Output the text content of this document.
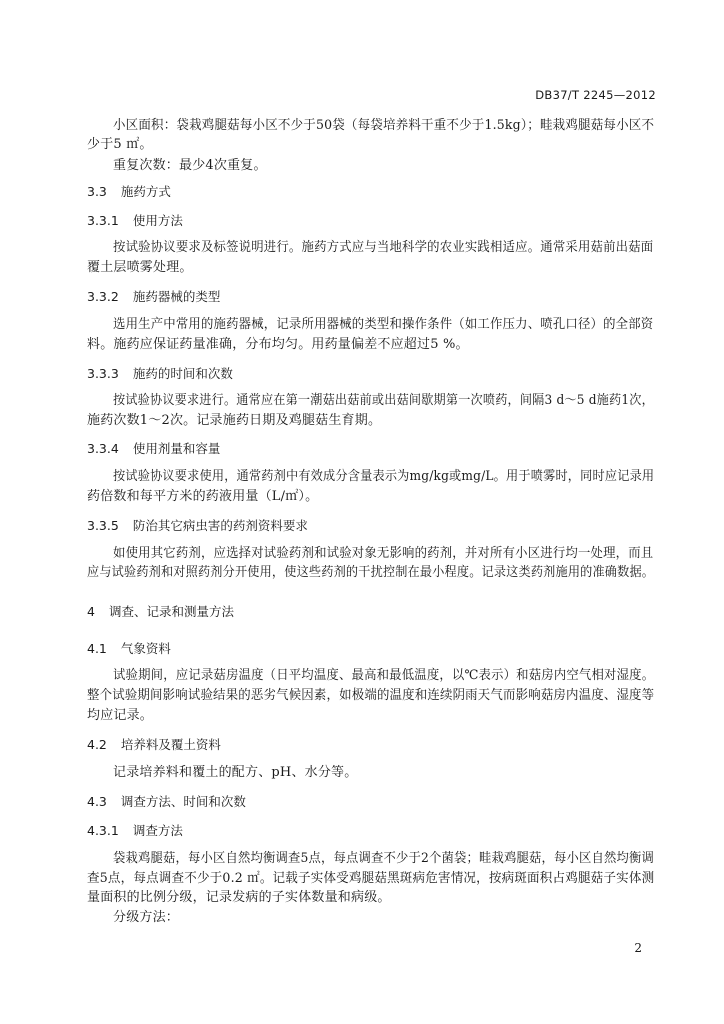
DB37/T 2245—2012
小区面积：袋栽鸡腿菇每小区不少于50袋（每袋培养料干重不少于1.5kg）；畦栽鸡腿菇每小区不
少于5 ㎡。
重复次数：最少4次重复。
3.3 施药方式
3.3.1 使用方法
按试验协议要求及标签说明进行。施药方式应与当地科学的农业实践相适应。通常采用菇前出菇面
覆土层喷雾处理。
3.3.2 施药器械的类型
选用生产中常用的施药器械，记录所用器械的类型和操作条件（如工作压力、喷孔口径）的全部资
料。施药应保证药量准确，分布均匀。用药量偏差不应超过5 %。
3.3.3 施药的时间和次数
按试验协议要求进行。通常应在第一潮菇出菇前或出菇间歇期第一次喷药，间隔3 d～5 d施药1次，
施药次数1～2次。记录施药日期及鸡腿菇生育期。
3.3.4 使用剂量和容量
按试验协议要求使用，通常药剂中有效成分含量表示为mg/kg或mg/L。用于喷雾时，同时应记录用
药倍数和每平方米的药液用量（L/㎡）。
3.3.5 防治其它病虫害的药剂资料要求
如使用其它药剂，应选择对试验药剂和试验对象无影响的药剂，并对所有小区进行均一处理，而且
应与试验药剂和对照药剂分开使用，使这些药剂的干扰控制在最小程度。记录这类药剂施用的准确数据。
4 调查、记录和测量方法
4.1 气象资料
试验期间，应记录菇房温度（日平均温度、最高和最低温度，以℃表示）和菇房内空气相对湿度。
整个试验期间影响试验结果的恶劣气候因素，如极端的温度和连续阴雨天气而影响菇房内温度、湿度等
均应记录。
4.2 培养料及覆土资料
记录培养料和覆土的配方、pH、水分等。
4.3 调查方法、时间和次数
4.3.1 调查方法
袋栽鸡腿菇，每小区自然均衡调查5点，每点调查不少于2个菌袋；畦栽鸡腿菇，每小区自然均衡调
查5点，每点调查不少于0.2 ㎡。记载子实体受鸡腿菇黑斑病危害情况，按病斑面积占鸡腿菇子实体测
量面积的比例分级，记录发病的子实体数量和病级。
分级方法：
2
